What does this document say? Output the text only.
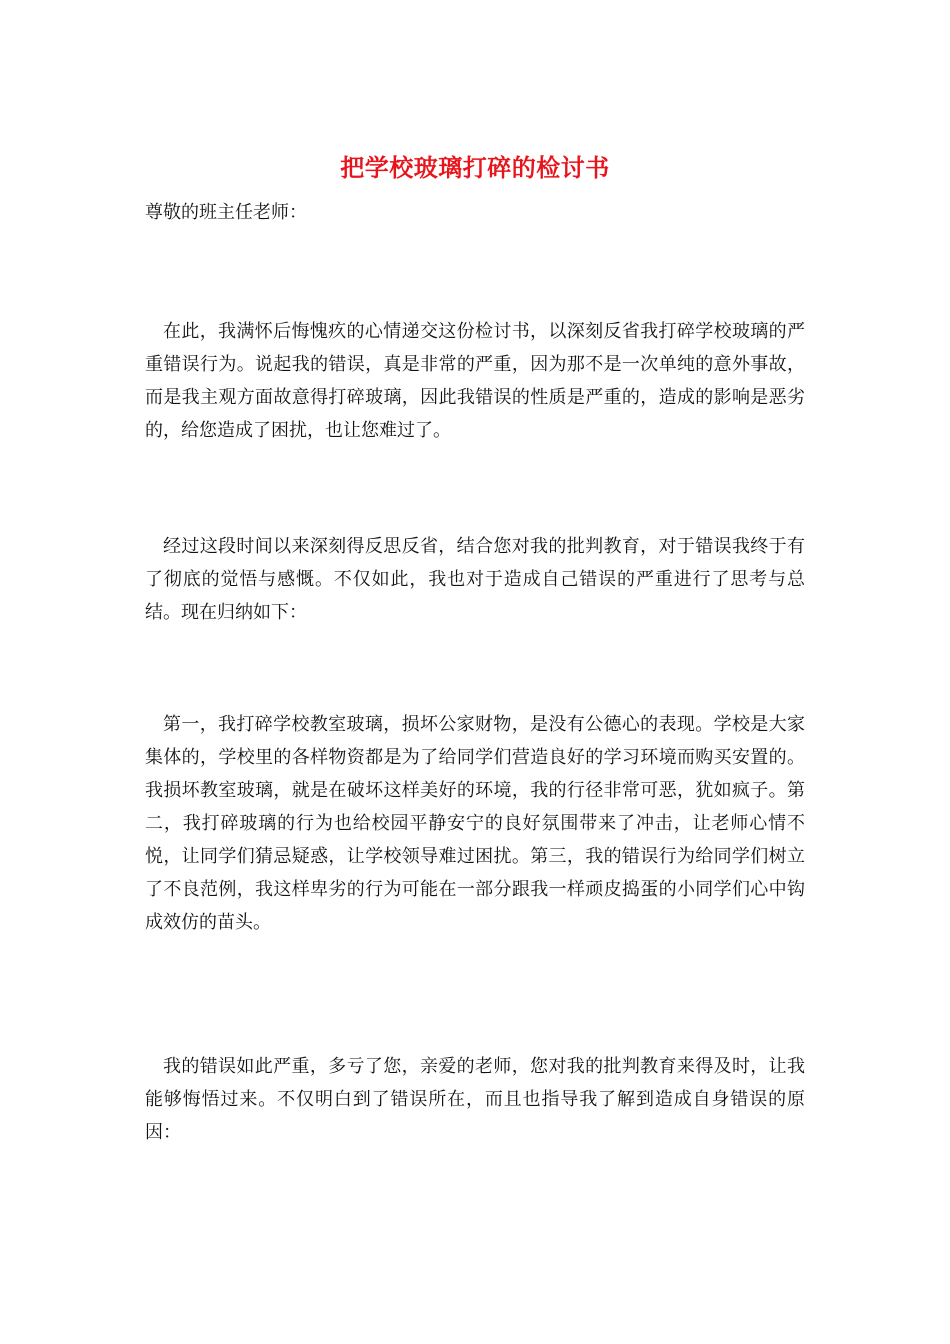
把学校玻璃打碎的检讨书
尊敬的班主任老师：

在此，我满怀后悔愧疚的心情递交这份检讨书，以深刻反省我打碎学校玻璃的严重错误行为。说起我的错误，真是非常的严重，因为那不是一次单纯的意外事故，而是我主观方面故意得打碎玻璃，因此我错误的性质是严重的，造成的影响是恶劣的，给您造成了困扰，也让您难过了。

经过这段时间以来深刻得反思反省，结合您对我的批判教育，对于错误我终于有了彻底的觉悟与感慨。不仅如此，我也对于造成自己错误的严重进行了思考与总结。现在归纳如下：

第一，我打碎学校教室玻璃，损坏公家财物，是没有公德心的表现。学校是大家集体的，学校里的各样物资都是为了给同学们营造良好的学习环境而购买安置的。我损坏教室玻璃，就是在破坏这样美好的环境，我的行径非常可恶，犹如疯子。第二，我打碎玻璃的行为也给校园平静安宁的良好氛围带来了冲击，让老师心情不悦，让同学们猜忌疑惑，让学校领导难过困扰。第三，我的错误行为给同学们树立了不良范例，我这样卑劣的行为可能在一部分跟我一样顽皮捣蛋的小同学们心中钩成效仿的苗头。

我的错误如此严重，多亏了您，亲爱的老师，您对我的批判教育来得及时，让我能够悔悟过来。不仅明白到了错误所在，而且也指导我了解到造成自身错误的原因：
